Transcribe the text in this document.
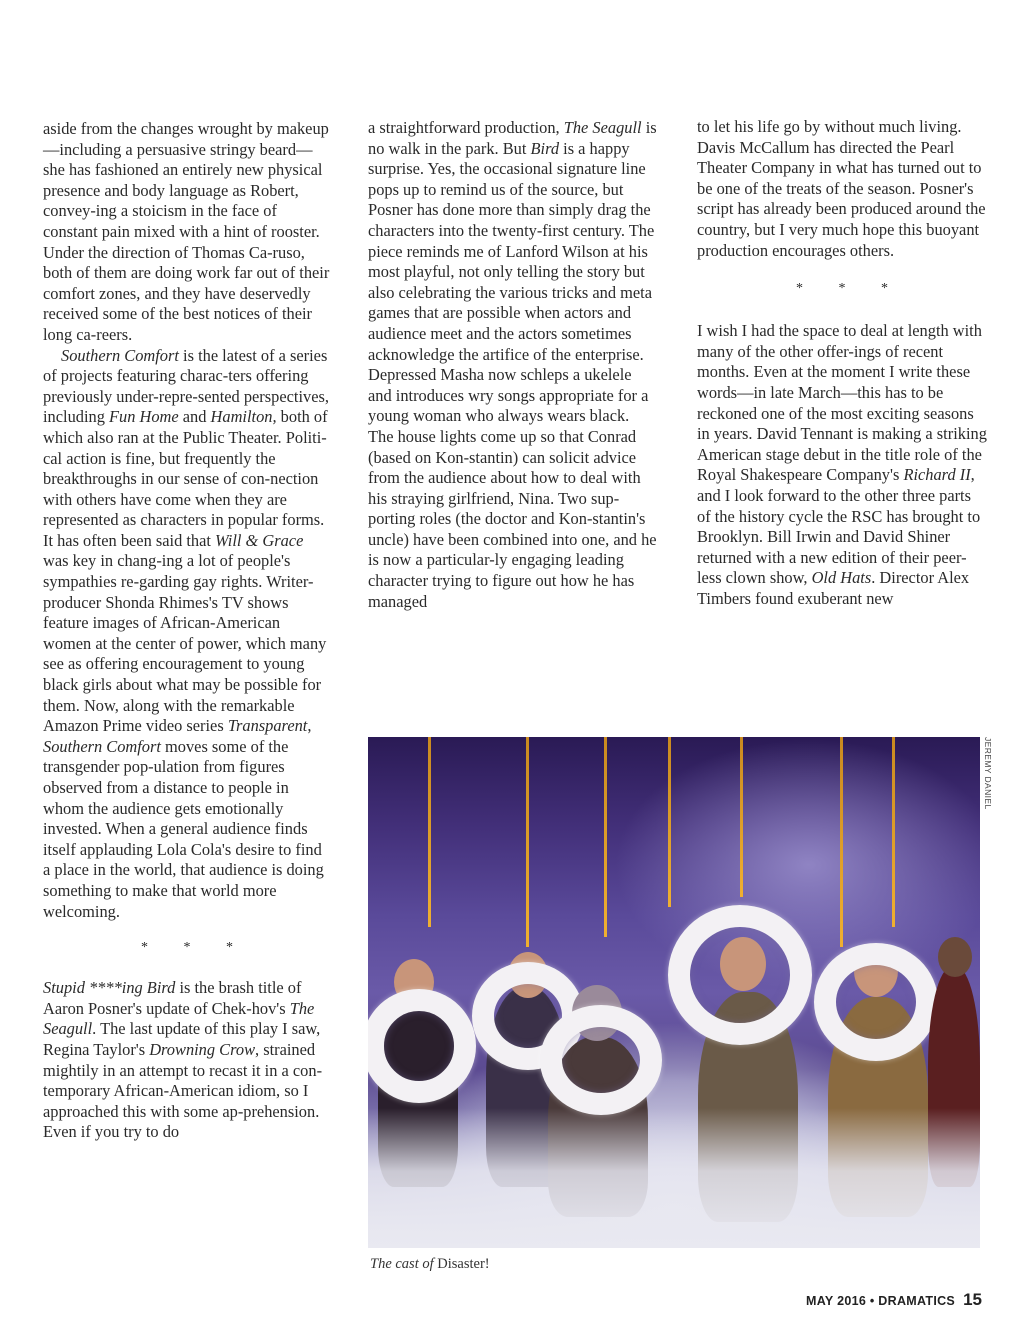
aside from the changes wrought by makeup—including a persuasive stringy beard—she has fashioned an entirely new physical presence and body language as Robert, convey-ing a stoicism in the face of constant pain mixed with a hint of rooster. Under the direction of Thomas Ca-ruso, both of them are doing work far out of their comfort zones, and they have deservedly received some of the best notices of their long ca-reers.

Southern Comfort is the latest of a series of projects featuring charac-ters offering previously under-repre-sented perspectives, including Fun Home and Hamilton, both of which also ran at the Public Theater. Politi-cal action is fine, but frequently the breakthroughs in our sense of con-nection with others have come when they are represented as characters in popular forms. It has often been said that Will & Grace was key in chang-ing a lot of people's sympathies re-garding gay rights. Writer-producer Shonda Rhimes's TV shows feature images of African-American women at the center of power, which many see as offering encouragement to young black girls about what may be possible for them. Now, along with the remarkable Amazon Prime video series Transparent, Southern Comfort moves some of the transgender pop-ulation from figures observed from a distance to people in whom the audience gets emotionally invested. When a general audience finds itself applauding Lola Cola's desire to find a place in the world, that audience is doing something to make that world more welcoming.

* * *

Stupid ****ing Bird is the brash title of Aaron Posner's update of Chek-hov's The Seagull. The last update of this play I saw, Regina Taylor's Drowning Crow, strained mightily in an attempt to recast it in a con-temporary African-American idiom, so I approached this with some ap-prehension. Even if you try to do

a straightforward production, The Seagull is no walk in the park. But Bird is a happy surprise. Yes, the occasional signature line pops up to remind us of the source, but Posner has done more than simply drag the characters into the twenty-first century. The piece reminds me of Lanford Wilson at his most playful, not only telling the story but also celebrating the various tricks and meta games that are possible when actors and audience meet and the actors sometimes acknowledge the artifice of the enterprise. Depressed Masha now schleps a ukelele and introduces wry songs appropriate for a young woman who always wears black. The house lights come up so that Conrad (based on Kon-stantin) can solicit advice from the audience about how to deal with his straying girlfriend, Nina. Two sup-porting roles (the doctor and Kon-stantin's uncle) have been combined into one, and he is now a particular-ly engaging leading character trying to figure out how he has managed

to let his life go by without much living. Davis McCallum has directed the Pearl Theater Company in what has turned out to be one of the treats of the season. Posner's script has already been produced around the country, but I very much hope this buoyant production encourages others.

* * *

I wish I had the space to deal at length with many of the other offer-ings of recent months. Even at the moment I write these words—in late March—this has to be reckoned one of the most exciting seasons in years. David Tennant is making a striking American stage debut in the title role of the Royal Shakespeare Company's Richard II, and I look forward to the other three parts of the history cycle the RSC has brought to Brooklyn. Bill Irwin and David Shiner returned with a new edition of their peer-less clown show, Old Hats. Director Alex Timbers found exuberant new

JEREMY DANIEL
The cast of Disaster!
MAY 2016 • DRAMATICS 15
